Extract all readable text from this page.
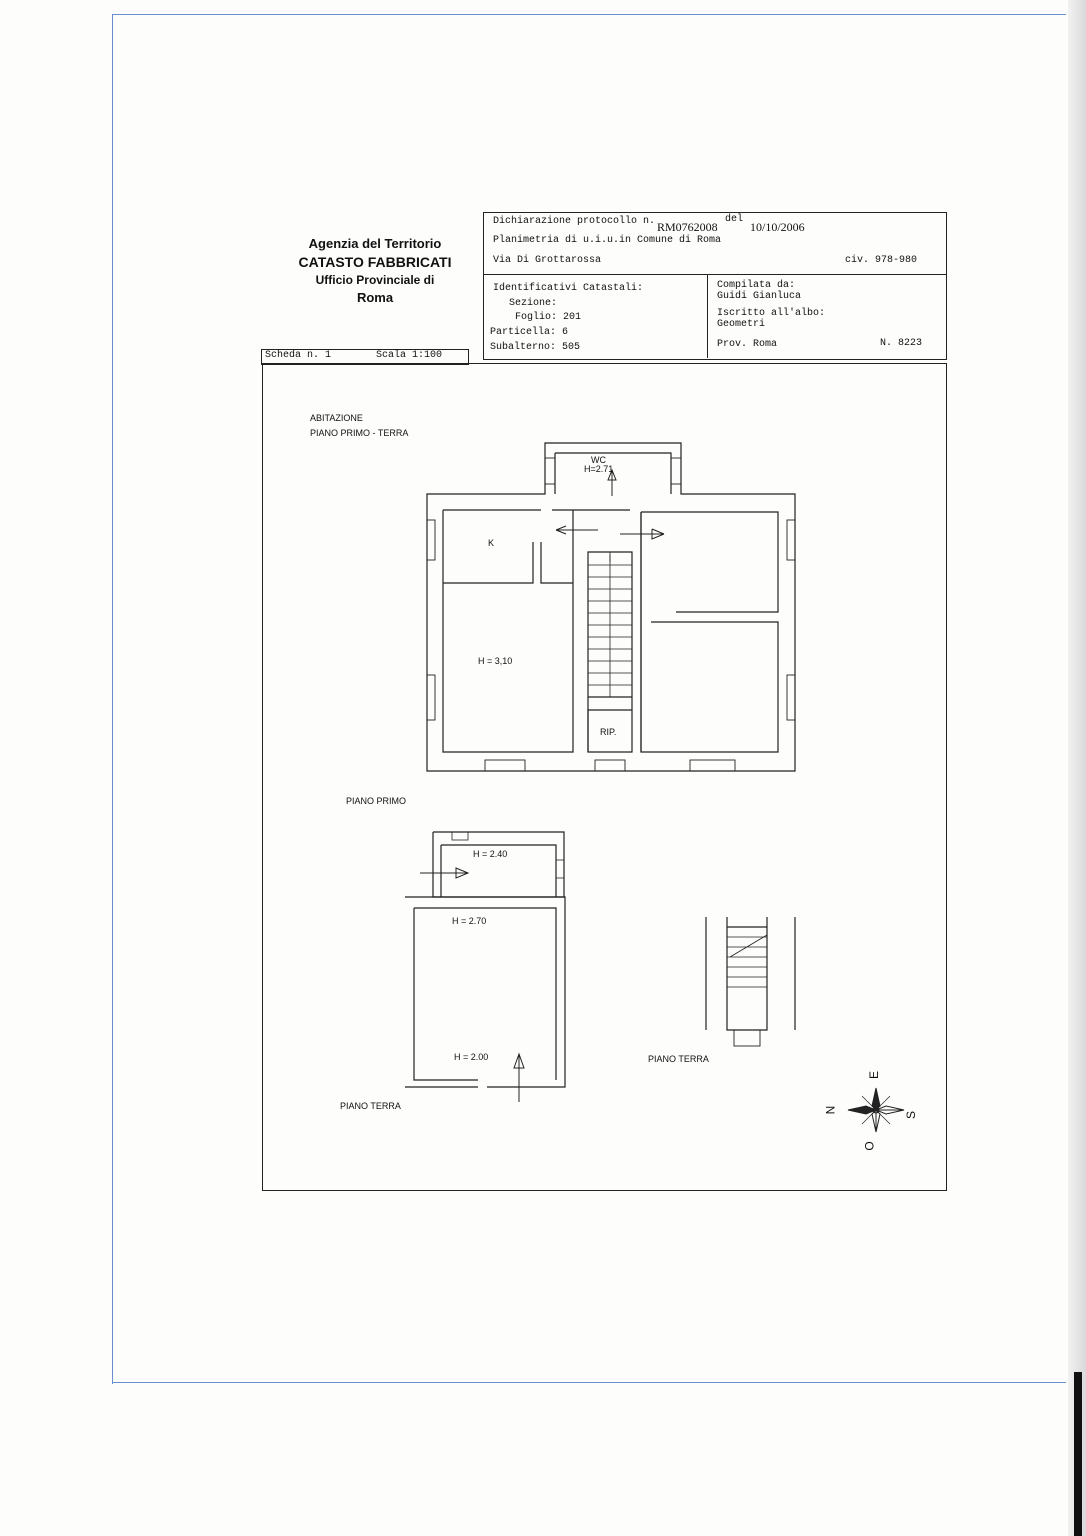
Agenzia del Territorio
CATASTO FABBRICATI
Ufficio Provinciale di
Roma
Dichiarazione protocollo n. RM0762008
del
10/10/2006
Planimetria di u.i.u.in Comune di Roma
Via Di Grottarossa	civ. 978-980
Identificativi Catastali:
Sezione:
Foglio: 201
Particella: 6
Subalterno: 505
Compilata da:
Guidi Gianluca
Iscritto all'albo:
Geometri
Prov. Roma	N. 8223
Scheda n. 1	Scala 1:100
ABITAZIONE
PIANO PRIMO - TERRA
WC
H=2.71
K
H = 3,10
RIP.
PIANO PRIMO
H = 2.40
H = 2.70
H = 2.00
PIANO TERRA
PIANO TERRA
N
E
S
O
